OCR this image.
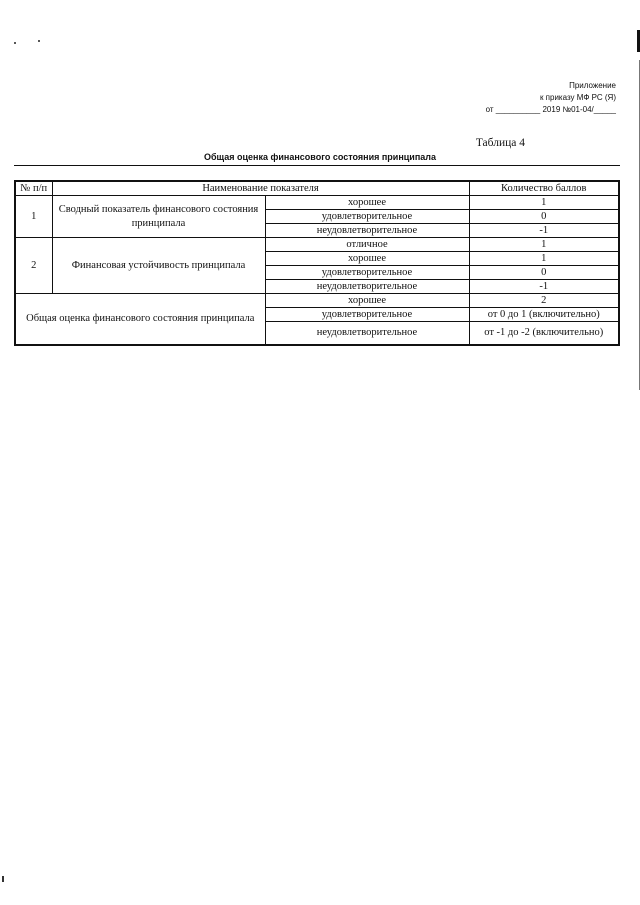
Приложение
к приказу МФ РС (Я)
от __________ 2019 №01-04/_____
Таблица 4
Общая оценка финансового состояния принципала
№ п/п	Наименование показателя		Количество баллов
1	Сводный показатель финансового состояния принципала	хорошее	1
		удовлетворительное	0
		неудовлетворительное	-1
2	Финансовая устойчивость принципала	отличное	1
		хорошее	1
		удовлетворительное	0
		неудовлетворительное	-1
Общая оценка финансового состояния принципала		хорошее	2
		удовлетворительное	от 0 до 1 (включительно)
		неудовлетворительное	от -1 до -2 (включительно)
